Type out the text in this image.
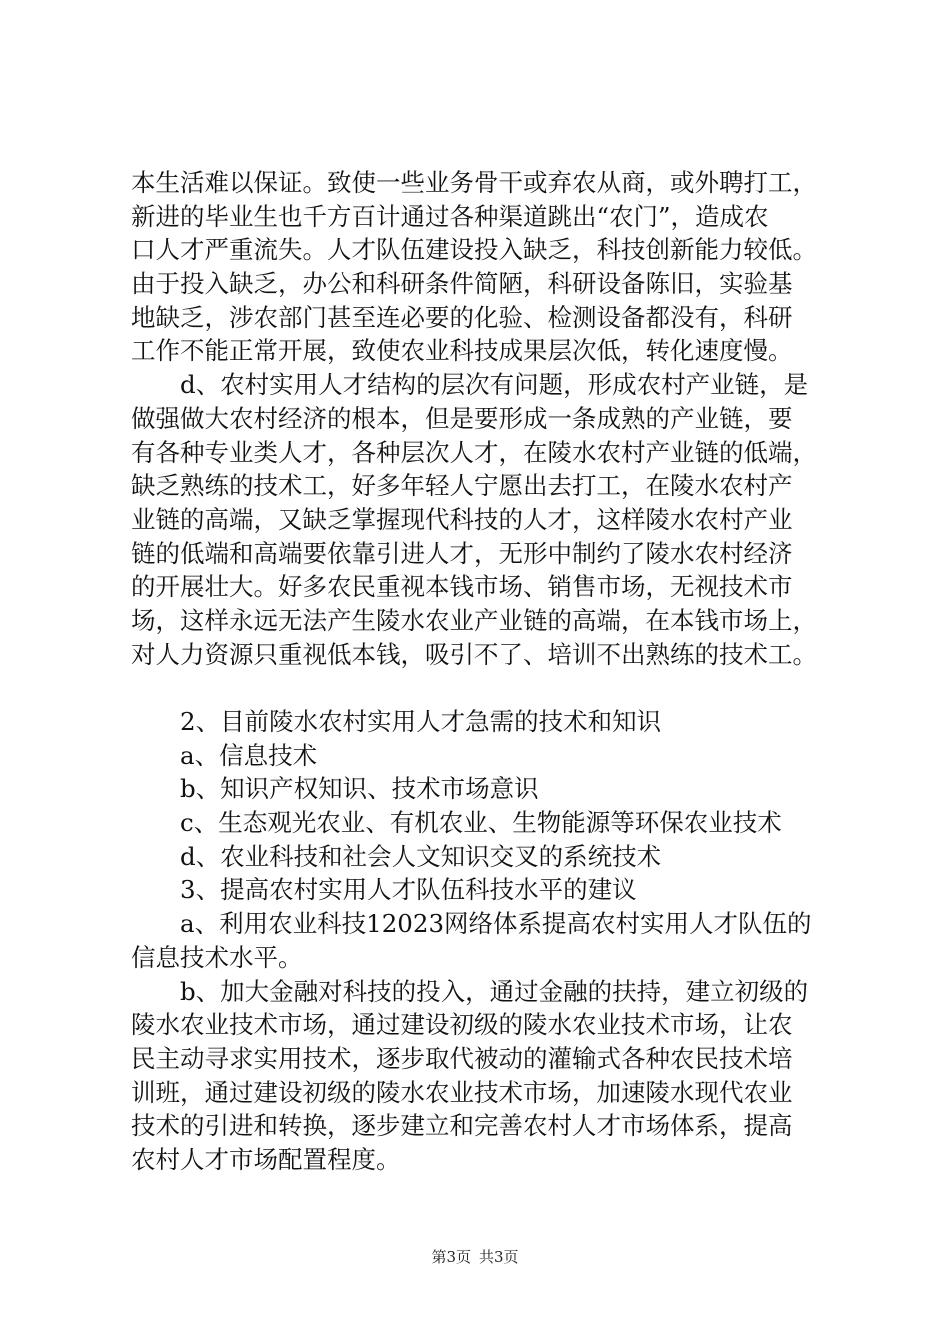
本生活难以保证。致使一些业务骨干或弃农从商，或外聘打工，
新进的毕业生也千方百计通过各种渠道跳出“农门”，造成农
口人才严重流失。人才队伍建设投入缺乏，科技创新能力较低。
由于投入缺乏，办公和科研条件简陋，科研设备陈旧，实验基
地缺乏，涉农部门甚至连必要的化验、检测设备都没有，科研
工作不能正常开展，致使农业科技成果层次低，转化速度慢。
d、农村实用人才结构的层次有问题，形成农村产业链，是
做强做大农村经济的根本，但是要形成一条成熟的产业链，要
有各种专业类人才，各种层次人才，在陵水农村产业链的低端，
缺乏熟练的技术工，好多年轻人宁愿出去打工，在陵水农村产
业链的高端，又缺乏掌握现代科技的人才，这样陵水农村产业
链的低端和高端要依靠引进人才，无形中制约了陵水农村经济
的开展壮大。好多农民重视本钱市场、销售市场，无视技术市
场，这样永远无法产生陵水农业产业链的高端，在本钱市场上，
对人力资源只重视低本钱，吸引不了、培训不出熟练的技术工。
2、目前陵水农村实用人才急需的技术和知识
a、信息技术
b、知识产权知识、技术市场意识
c、生态观光农业、有机农业、生物能源等环保农业技术
d、农业科技和社会人文知识交叉的系统技术
3、提高农村实用人才队伍科技水平的建议
a、利用农业科技12023网络体系提高农村实用人才队伍的
信息技术水平。
b、加大金融对科技的投入，通过金融的扶持，建立初级的
陵水农业技术市场，通过建设初级的陵水农业技术市场，让农
民主动寻求实用技术，逐步取代被动的灌输式各种农民技术培
训班，通过建设初级的陵水农业技术市场，加速陵水现代农业
技术的引进和转换，逐步建立和完善农村人才市场体系，提高
农村人才市场配置程度。
第3页 共3页
